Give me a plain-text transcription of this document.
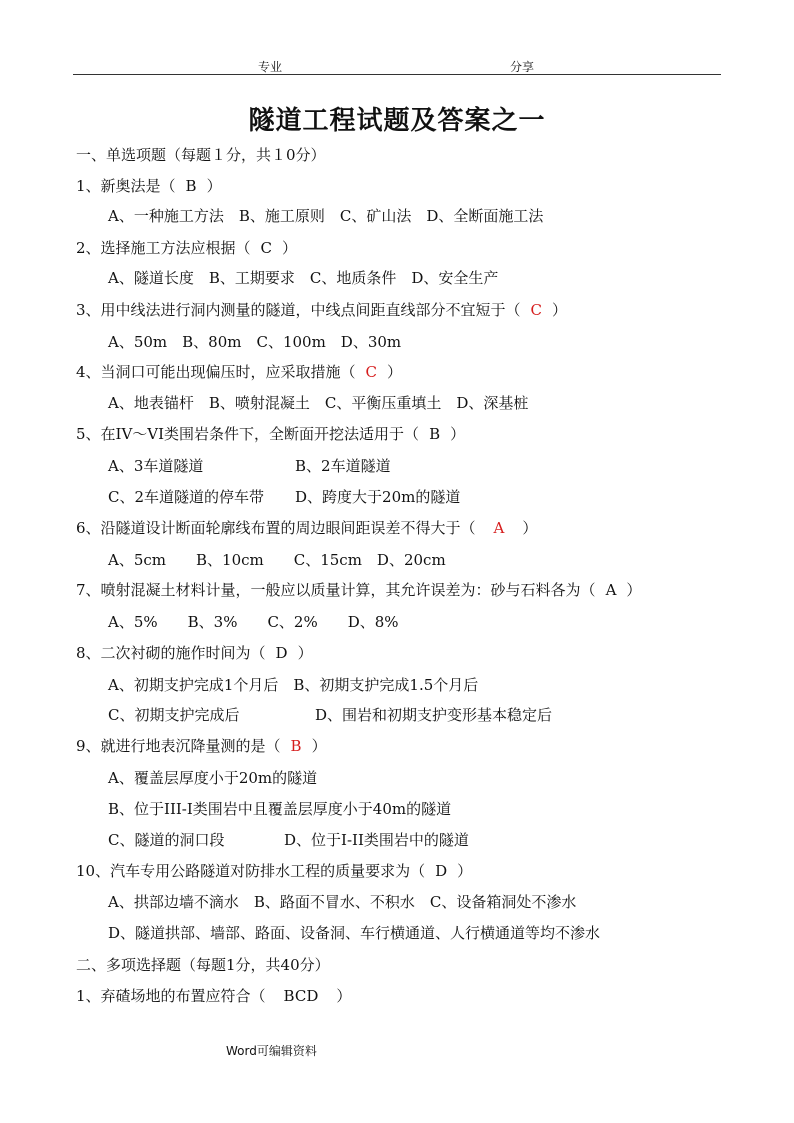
专业	分享
隧道工程试题及答案之一
一、单选项题（每题１分，共１0分）
1、新奥法是（ B ）
A、一种施工方法　B、施工原则　C、矿山法　D、全断面施工法
2、选择施工方法应根据（ C ）
A、隧道长度　B、工期要求　C、地质条件　D、安全生产
3、用中线法进行洞内测量的隧道，中线点间距直线部分不宜短于（ C ）
A、50m　B、80m　C、100m　D、30m
4、当洞口可能出现偏压时，应采取措施（ C ）
A、地表锚杆　B、喷射混凝土　C、平衡压重填土　D、深基桩
5、在IV～VI类围岩条件下，全断面开挖法适用于（ B ）
A、3车道隧道	B、2车道隧道
C、2车道隧道的停车带 D、跨度大于20m的隧道
6、沿隧道设计断面轮廓线布置的周边眼间距误差不得大于（ A ）
A、5cm　　B、10cm　　C、15cm　D、20cm
7、喷射混凝土材料计量，一般应以质量计算，其允许误差为：砂与石料各为（ A ）
A、5%　　B、3%　　C、2%　　D、8%
8、二次衬砌的施作时间为（ D ）
A、初期支护完成1个月后　B、初期支护完成1.5个月后
C、初期支护完成后	D、围岩和初期支护变形基本稳定后
9、就进行地表沉降量测的是（ B ）
A、覆盖层厚度小于20m的隧道
B、位于III-I类围岩中且覆盖层厚度小于40m的隧道
C、隧道的洞口段	D、位于I-II类围岩中的隧道
10、汽车专用公路隧道对防排水工程的质量要求为（ D ）
A、拱部边墙不滴水　B、路面不冒水、不积水　C、设备箱洞处不渗水
D、隧道拱部、墙部、路面、设备洞、车行横通道、人行横通道等均不渗水
二、多项选择题（每题1分，共40分）
1、弃碴场地的布置应符合（ BCD ）
Word可编辑资料
